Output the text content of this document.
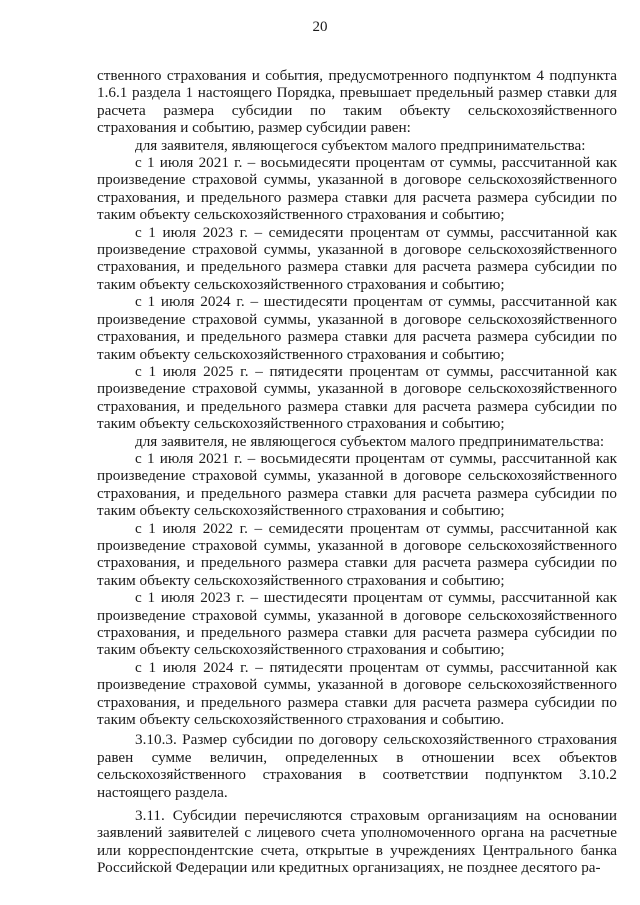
20

ственного страхования и события, предусмотренного подпунктом 4 подпункта 1.6.1 раздела 1 настоящего Порядка, превышает предельный размер ставки для расчета размера субсидии по таким объекту сельскохозяйственного страхования и событию, размер субсидии равен:

для заявителя, являющегося субъектом малого предпринимательства:

с 1 июля 2021 г. – восьмидесяти процентам от суммы, рассчитанной как произведение страховой суммы, указанной в договоре сельскохозяйственного страхования, и предельного размера ставки для расчета размера субсидии по таким объекту сельскохозяйственного страхования и событию;

с 1 июля 2023 г. – семидесяти процентам от суммы, рассчитанной как произведение страховой суммы, указанной в договоре сельскохозяйственного страхования, и предельного размера ставки для расчета размера субсидии по таким объекту сельскохозяйственного страхования и событию;

с 1 июля 2024 г. – шестидесяти процентам от суммы, рассчитанной как произведение страховой суммы, указанной в договоре сельскохозяйственного страхования, и предельного размера ставки для расчета размера субсидии по таким объекту сельскохозяйственного страхования и событию;

с 1 июля 2025 г. – пятидесяти процентам от суммы, рассчитанной как произведение страховой суммы, указанной в договоре сельскохозяйственного страхования, и предельного размера ставки для расчета размера субсидии по таким объекту сельскохозяйственного страхования и событию;

для заявителя, не являющегося субъектом малого предпринимательства:

с 1 июля 2021 г. – восьмидесяти процентам от суммы, рассчитанной как произведение страховой суммы, указанной в договоре сельскохозяйственного страхования, и предельного размера ставки для расчета размера субсидии по таким объекту сельскохозяйственного страхования и событию;

с 1 июля 2022 г. – семидесяти процентам от суммы, рассчитанной как произведение страховой суммы, указанной в договоре сельскохозяйственного страхования, и предельного размера ставки для расчета размера субсидии по таким объекту сельскохозяйственного страхования и событию;

с 1 июля 2023 г. – шестидесяти процентам от суммы, рассчитанной как произведение страховой суммы, указанной в договоре сельскохозяйственного страхования, и предельного размера ставки для расчета размера субсидии по таким объекту сельскохозяйственного страхования и событию;

с 1 июля 2024 г. – пятидесяти процентам от суммы, рассчитанной как произведение страховой суммы, указанной в договоре сельскохозяйственного страхования, и предельного размера ставки для расчета размера субсидии по таким объекту сельскохозяйственного страхования и событию.

3.10.3. Размер субсидии по договору сельскохозяйственного страхования равен сумме величин, определенных в отношении всех объектов сельскохозяйственного страхования в соответствии подпунктом 3.10.2 настоящего раздела.

3.11. Субсидии перечисляются страховым организациям на основании заявлений заявителей с лицевого счета уполномоченного органа на расчетные или корреспондентские счета, открытые в учреждениях Центрального банка Российской Федерации или кредитных организациях, не позднее десятого ра-
